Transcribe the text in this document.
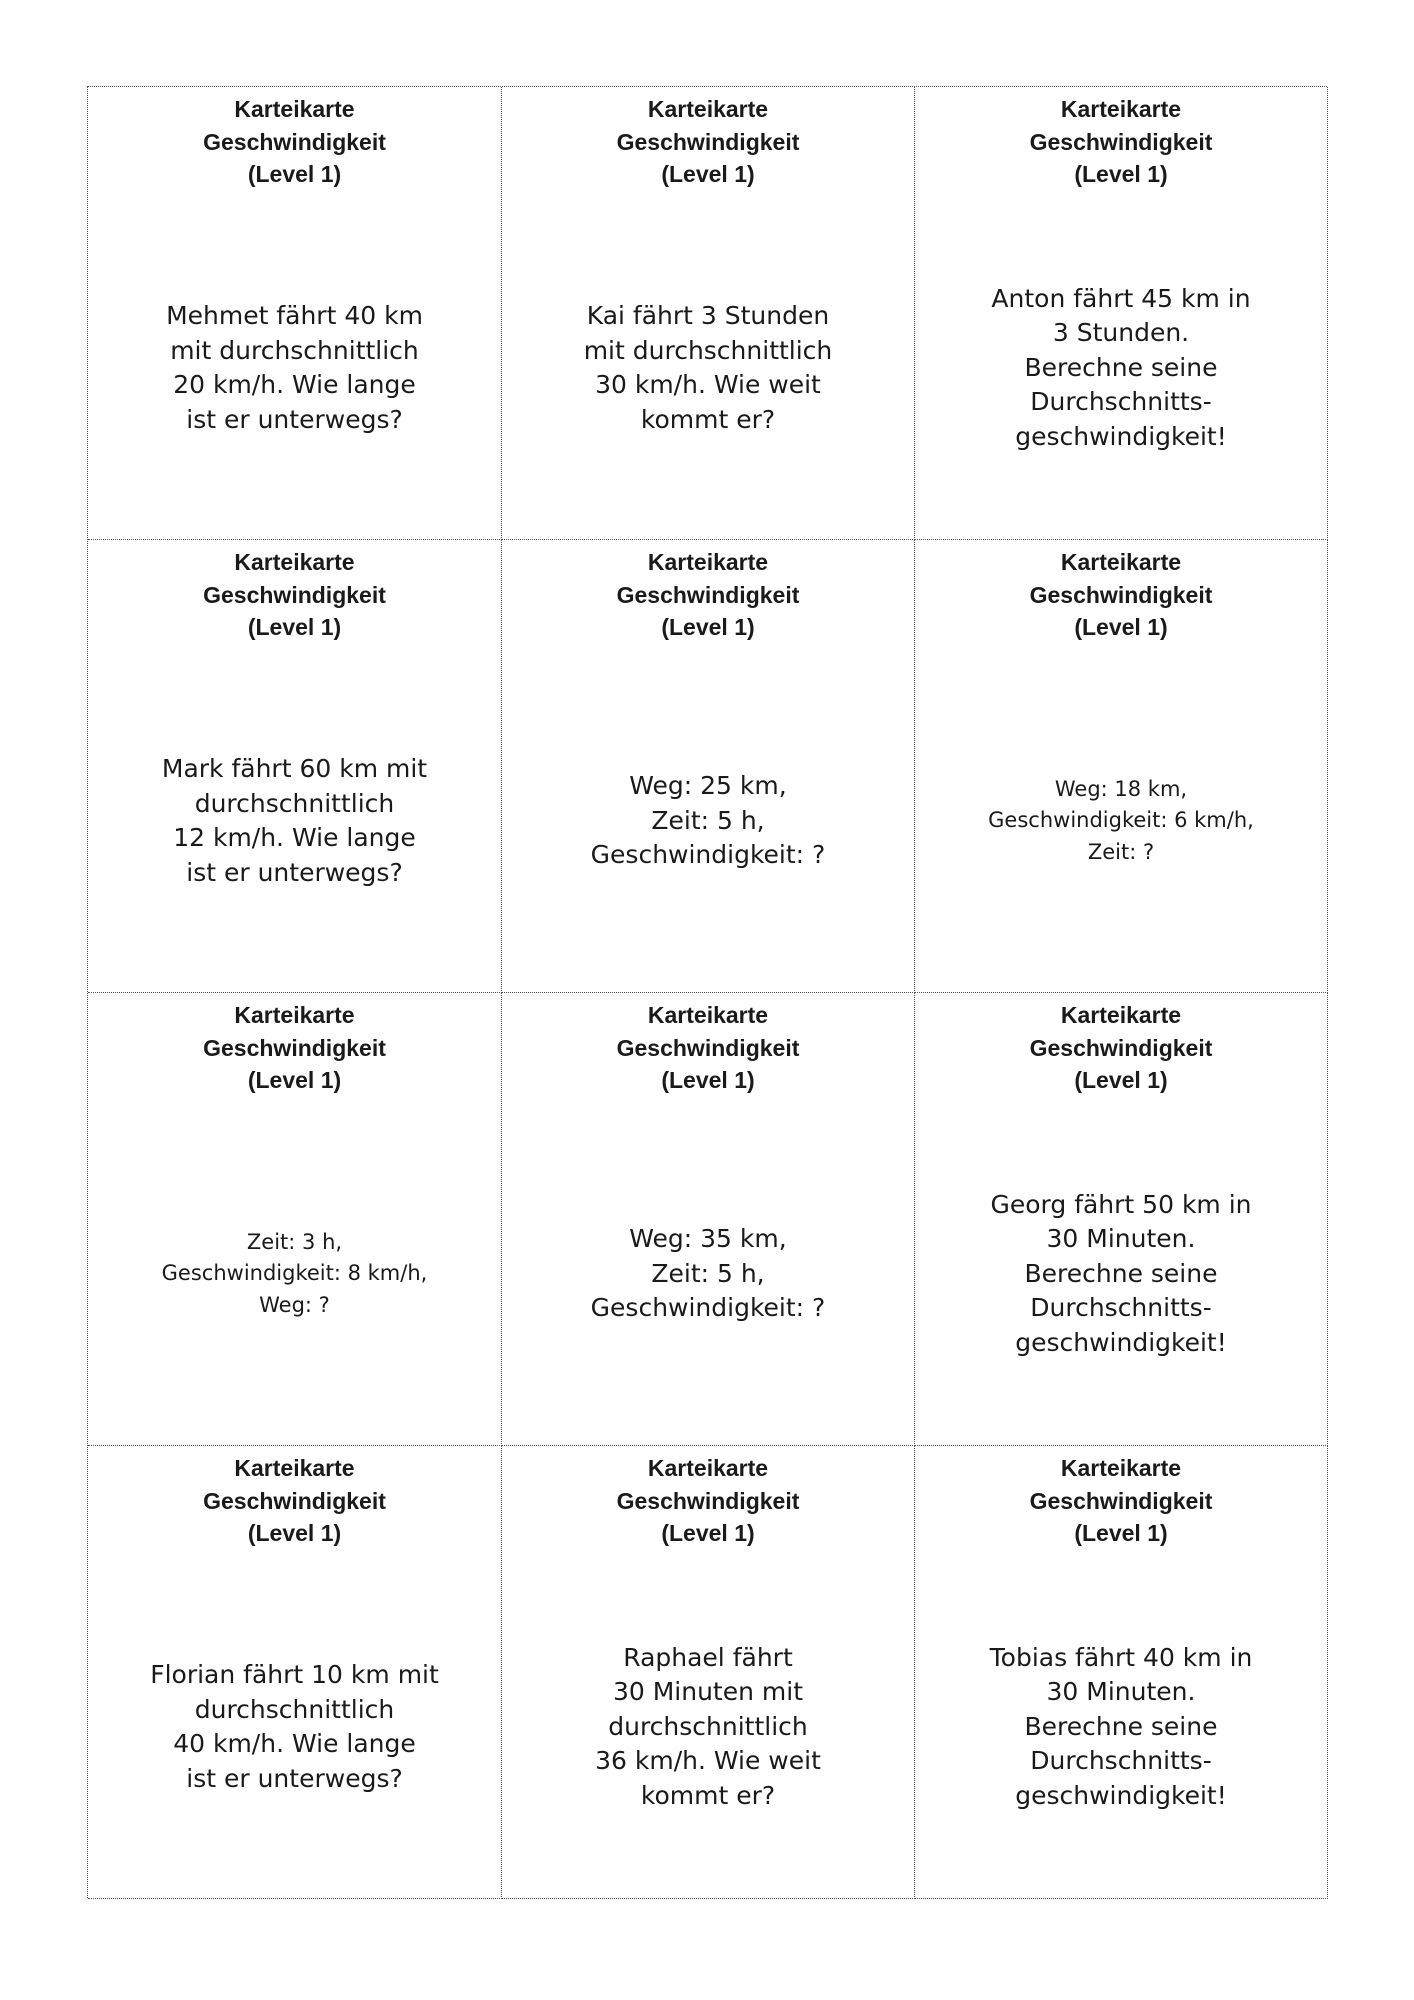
Karteikarte
Geschwindigkeit
(Level 1)
Mehmet fährt 40 km
mit durchschnittlich
20 km/h. Wie lange
ist er unterwegs?
Karteikarte
Geschwindigkeit
(Level 1)
Kai fährt 3 Stunden
mit durchschnittlich
30 km/h. Wie weit
kommt er?
Karteikarte
Geschwindigkeit
(Level 1)
Anton fährt 45 km in
3 Stunden.
Berechne seine
Durchschnitts-
geschwindigkeit!
Karteikarte
Geschwindigkeit
(Level 1)
Mark fährt 60 km mit
durchschnittlich
12 km/h. Wie lange
ist er unterwegs?
Karteikarte
Geschwindigkeit
(Level 1)
Weg: 25 km,
Zeit: 5 h,
Geschwindigkeit: ?
Karteikarte
Geschwindigkeit
(Level 1)
Weg: 18 km,
Geschwindigkeit: 6 km/h,
Zeit: ?
Karteikarte
Geschwindigkeit
(Level 1)
Zeit: 3 h,
Geschwindigkeit: 8 km/h,
Weg: ?
Karteikarte
Geschwindigkeit
(Level 1)
Weg: 35 km,
Zeit: 5 h,
Geschwindigkeit: ?
Karteikarte
Geschwindigkeit
(Level 1)
Georg fährt 50 km in
30 Minuten.
Berechne seine
Durchschnitts-
geschwindigkeit!
Karteikarte
Geschwindigkeit
(Level 1)
Florian fährt 10 km mit
durchschnittlich
40 km/h. Wie lange
ist er unterwegs?
Karteikarte
Geschwindigkeit
(Level 1)
Raphael fährt
30 Minuten mit
durchschnittlich
36 km/h. Wie weit
kommt er?
Karteikarte
Geschwindigkeit
(Level 1)
Tobias fährt 40 km in
30 Minuten.
Berechne seine
Durchschnitts-
geschwindigkeit!
